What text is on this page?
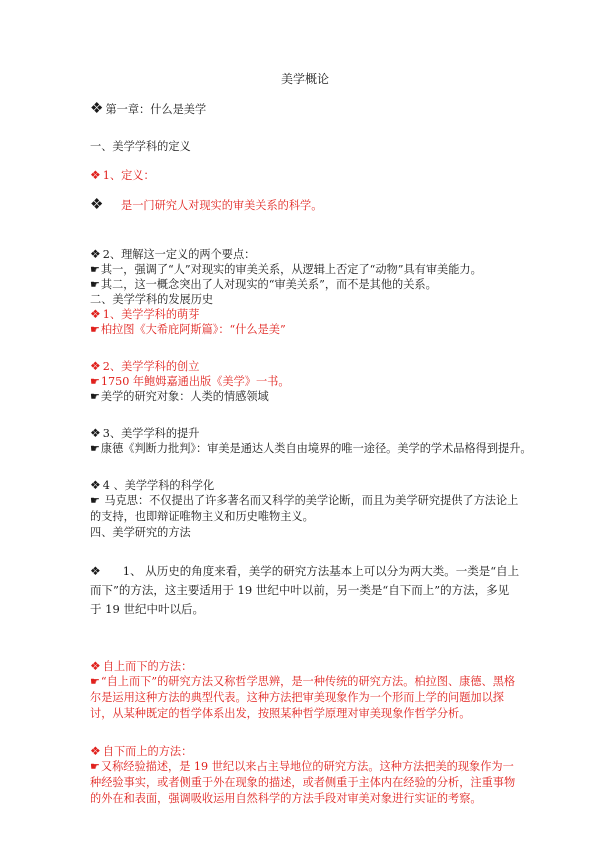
美学概论

❖ 第一章：什么是美学

一、美学学科的定义

❖ 1、定义：

❖ 是一门研究人对现实的审美关系的科学。

❖ 2、理解这一定义的两个要点：

☚其一，强调了“人”对现实的审美关系，从逻辑上否定了“动物”具有审美能力。

☚其二，这一概念突出了人对现实的“审美关系”，而不是其他的关系。

二、美学学科的发展历史

❖ 1、美学学科的萌芽

☚柏拉图《大希庇阿斯篇》：“什么是美”

❖ 2、美学学科的创立

☚1750 年鲍姆嘉通出版《美学》一书。

☚美学的研究对象：人类的情感领域

❖ 3、美学学科的提升

☚康德《判断力批判》：审美是通达人类自由境界的唯一途径。美学的学术品格得到提升。

❖ 4 、美学学科的科学化

☚ 马克思：不仅提出了许多著名而又科学的美学论断，而且为美学研究提供了方法论上的支持，也即辩证唯物主义和历史唯物主义。

四、美学研究的方法

❖ 1、 从历史的角度来看，美学的研究方法基本上可以分为两大类。一类是“自上而下”的方法，这主要适用于 19 世纪中叶以前，另一类是“自下而上”的方法，多见于 19 世纪中叶以后。

❖ 自上而下的方法：

☚“自上而下”的研究方法又称哲学思辨，是一种传统的研究方法。柏拉图、康德、黑格尔是运用这种方法的典型代表。这种方法把审美现象作为一个形而上学的问题加以探讨，从某种既定的哲学体系出发，按照某种哲学原理对审美现象作哲学分析。

❖ 自下而上的方法：

☚又称经验描述，是 19 世纪以来占主导地位的研究方法。这种方法把美的现象作为一种经验事实，或者侧重于外在现象的描述，或者侧重于主体内在经验的分析，注重事物的外在和表面，强调吸收运用自然科学的方法手段对审美对象进行实证的考察。
